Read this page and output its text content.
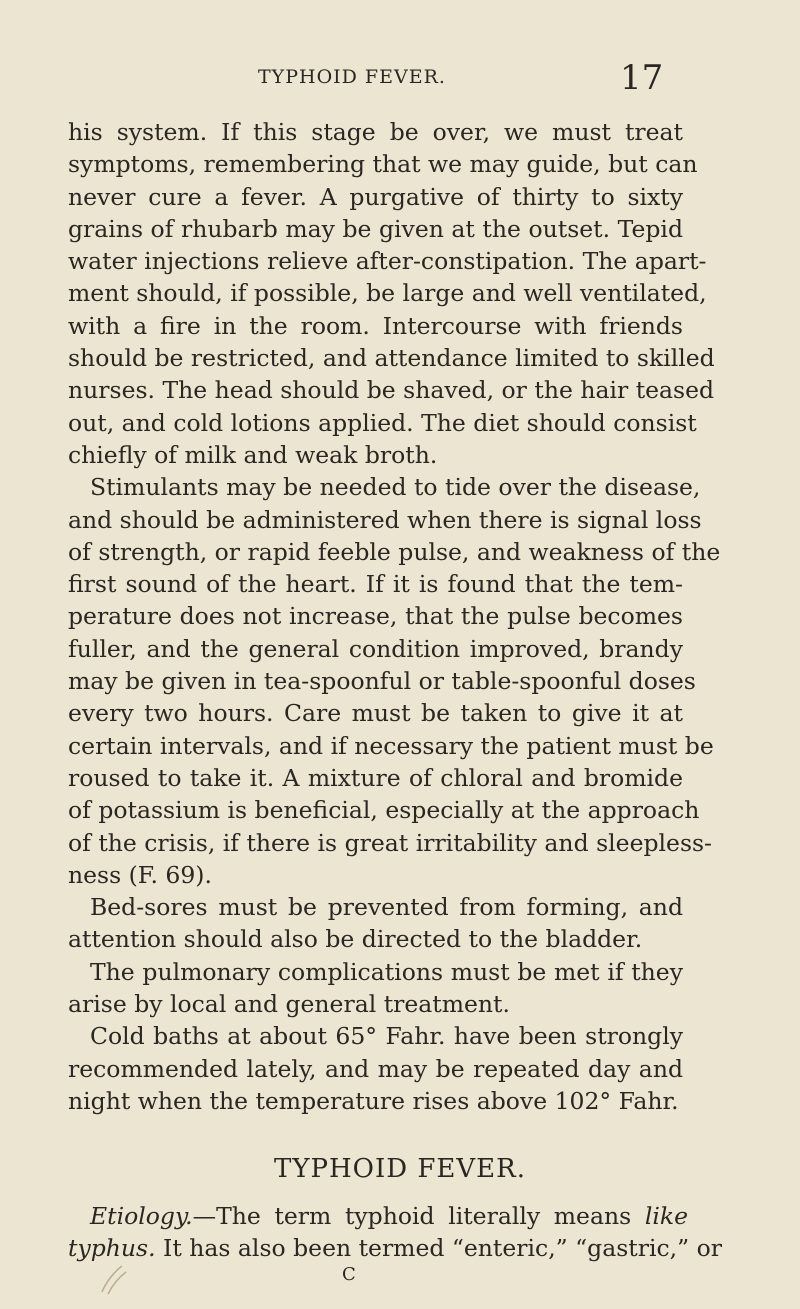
TYPHOID FEVER.	17
his system. If this stage be over, we must treat
symptoms, remembering that we may guide, but can
never cure a fever. A purgative of thirty to sixty
grains of rhubarb may be given at the outset. Tepid
water injections relieve after-constipation. The apart-
ment should, if possible, be large and well ventilated,
with a fire in the room. Intercourse with friends
should be restricted, and attendance limited to skilled
nurses. The head should be shaved, or the hair teased
out, and cold lotions applied. The diet should consist
chiefly of milk and weak broth.
Stimulants may be needed to tide over the disease,
and should be administered when there is signal loss
of strength, or rapid feeble pulse, and weakness of the
first sound of the heart. If it is found that the tem-
perature does not increase, that the pulse becomes
fuller, and the general condition improved, brandy
may be given in tea-spoonful or table-spoonful doses
every two hours. Care must be taken to give it at
certain intervals, and if necessary the patient must be
roused to take it. A mixture of chloral and bromide
of potassium is beneficial, especially at the approach
of the crisis, if there is great irritability and sleepless-
ness (F. 69).
Bed-sores must be prevented from forming, and
attention should also be directed to the bladder.
The pulmonary complications must be met if they
arise by local and general treatment.
Cold baths at about 65° Fahr. have been strongly
recommended lately, and may be repeated day and
night when the temperature rises above 102° Fahr.
TYPHOID FEVER.
Etiology.—The term typhoid literally means like
typhus. It has also been termed “enteric,” “gastric,” or
C
